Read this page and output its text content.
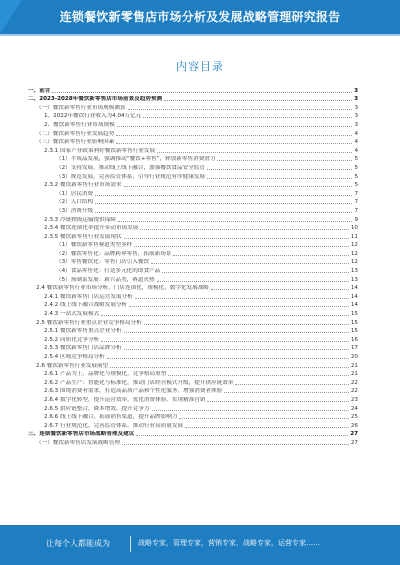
连锁餐饮新零售店市场分析及发展战略管理研究报告
内容目录
一、前言	3
二、2023-2028年餐饮新零售店市场前景及趋势预测	3
（一）餐饮新零售行业市场规模测算	3
1、2022年餐饮行业收入为4.04万亿元	3
2、餐饮新零售行业市场规模	3
（二）餐饮新零售行业发展趋势	4
（三）餐饮新零售行业影响因素	4
2.3.1 国家产业政策利好餐饮新零售行业发展	4
（1）半成品发展，强调推动“餐饮+零售”，释放新零售消费潜力	5
（2）支持发展，推动线上线下融合，加强餐饮食品安全监管	5
（3）规范发展，完善监管体系，引导行业规范有序健康发展	5
2.3.2 餐饮新零售行业市场需求	5
（1）居民消费	7
（2）人口结构	7
（3）消费升级	7
2.3.3 冷链物流运输提供保障	9
2.3.4 餐饮连锁化率提升带动市场发展	10
2.3.5 餐饮新零售行业发展现状	11
（1）餐饮新零售赛道类型多样	12
（2）餐饮零售化：品牌跨界零售，拓展新场景	12
（3）零售餐饮化：零售门店引入餐饮	12
（4）食品零售化：打造多元化的即食产品	13
（5）预制菜发展：新兴品类，赛道火热	13
2.4 餐饮新零售行业市场分析，门店连锁化，规模化、数字化发展战略	14
2.4.1 餐饮新零售门店运营发展分析	14
2.4.2 线上线下融合战略发展分析	14
2.4.3 一站式发展模式	15
2.5 餐饮新零售行业重点企业竞争格局分析	15
2.5.1 餐饮新零售重点企业分析	15
2.5.2 同质化竞争分析	16
2.5.3 餐饮新零售门店品牌分析	17
2.5.4 区域竞争格局分析	20
2.6 餐饮新零售行业发展展望	21
2.6.1 产品为王，品牌化与规模化，竞争格局重塑	21
2.6.2 产品生产：智能化与标准化，推动门店经营模式升级，提升供应链效率	22
2.6.3 围绕消费者需求，打造高品质产品和个性化服务，增强消费者体验	22
2.6.4 数字化转型，提升运营效率，优化消费体验，实现精准营销	23
2.6.5 供应链整合，降本增效，提升竞争力	24
2.6.6 线上线下融合，拓展销售渠道，提升品牌影响力	25
2.6.7 行业规范化，完善监管体系，推动行业高质量发展	26
三、连锁餐饮新零售店市场战略管理及建议	27
（一）餐饮新零售店发展战略管理	27
让每个人都能成为	战略专家，管理专家，营销专家，战略专家，运营专家……
